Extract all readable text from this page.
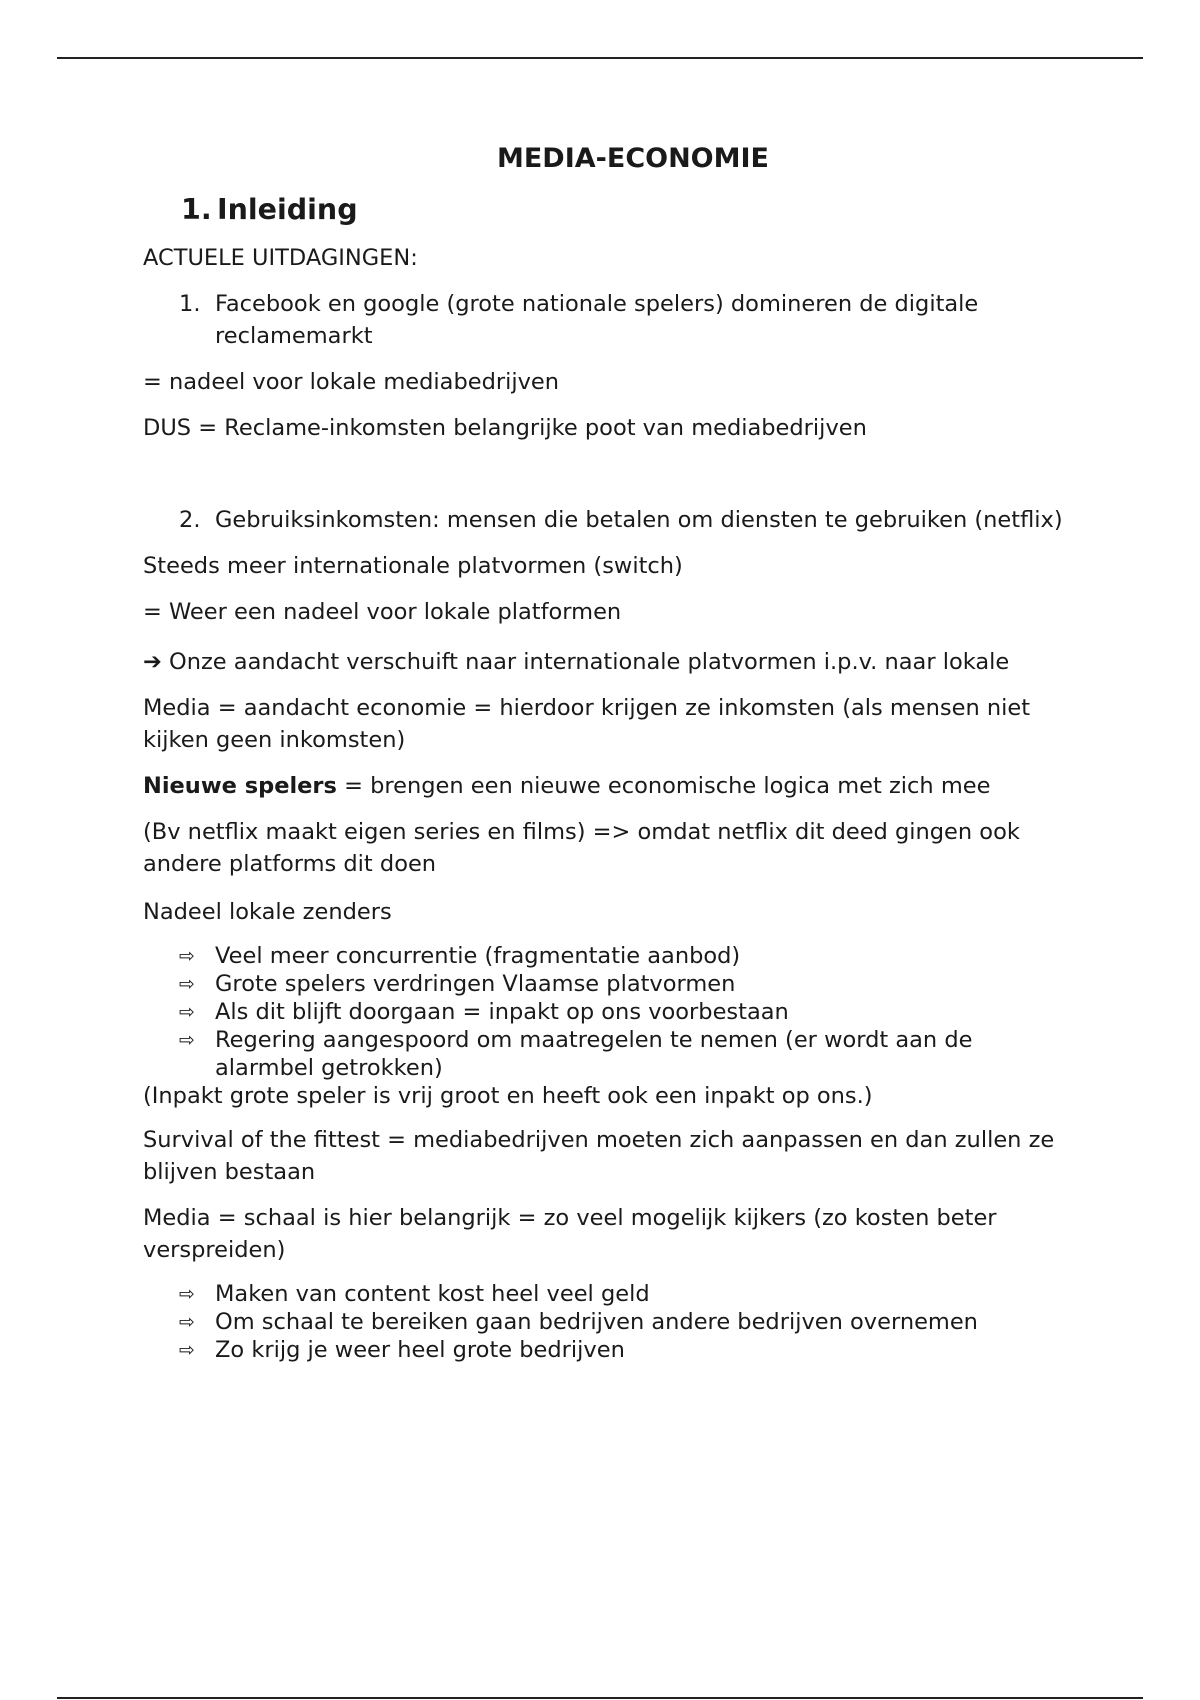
MEDIA-ECONOMIE
1. Inleiding

ACTUELE UITDAGINGEN:

1. Facebook en google (grote nationale spelers) domineren de digitale reclamemarkt

= nadeel voor lokale mediabedrijven

DUS = Reclame-inkomsten belangrijke poot van mediabedrijven

2. Gebruiksinkomsten: mensen die betalen om diensten te gebruiken (netflix)

Steeds meer internationale platvormen (switch)

= Weer een nadeel voor lokale platformen

➔ Onze aandacht verschuift naar internationale platvormen i.p.v. naar lokale

Media = aandacht economie = hierdoor krijgen ze inkomsten (als mensen niet kijken geen inkomsten)

Nieuwe spelers = brengen een nieuwe economische logica met zich mee

(Bv netflix maakt eigen series en films) => omdat netflix dit deed gingen ook andere platforms dit doen

Nadeel lokale zenders

⇨ Veel meer concurrentie (fragmentatie aanbod)
⇨ Grote spelers verdringen Vlaamse platvormen
⇨ Als dit blijft doorgaan = inpakt op ons voorbestaan
⇨ Regering aangespoord om maatregelen te nemen (er wordt aan de alarmbel getrokken)

(Inpakt grote speler is vrij groot en heeft ook een inpakt op ons.)

Survival of the fittest = mediabedrijven moeten zich aanpassen en dan zullen ze blijven bestaan

Media = schaal is hier belangrijk = zo veel mogelijk kijkers (zo kosten beter verspreiden)

⇨ Maken van content kost heel veel geld
⇨ Om schaal te bereiken gaan bedrijven andere bedrijven overnemen
⇨ Zo krijg je weer heel grote bedrijven
